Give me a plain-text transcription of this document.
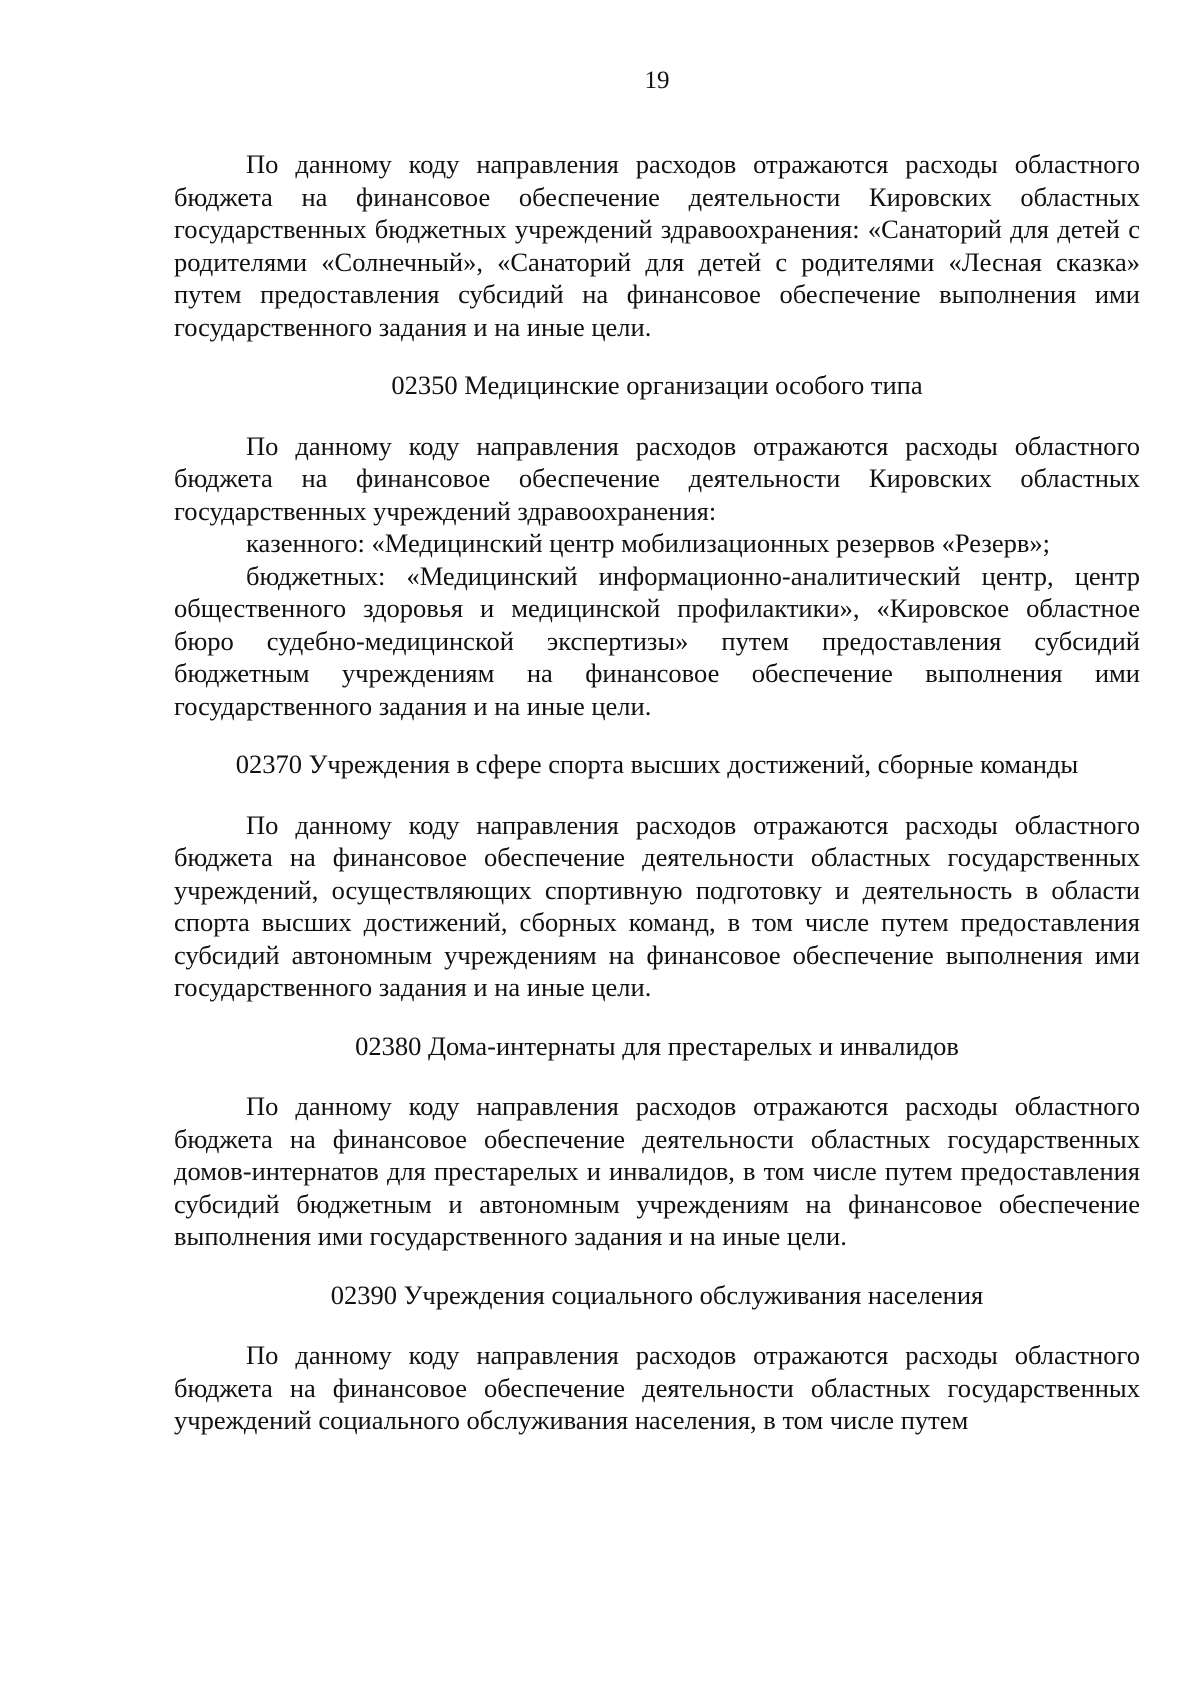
19

По данному коду направления расходов отражаются расходы областного бюджета на финансовое обеспечение деятельности Кировских областных государственных бюджетных учреждений здравоохранения: «Санаторий для детей с родителями «Солнечный», «Санаторий для детей с родителями «Лесная сказка» путем предоставления субсидий на финансовое обеспечение выполнения ими государственного задания и на иные цели.

02350 Медицинские организации особого типа

По данному коду направления расходов отражаются расходы областного бюджета на финансовое обеспечение деятельности Кировских областных государственных учреждений здравоохранения:

казенного: «Медицинский центр мобилизационных резервов «Резерв»;

бюджетных: «Медицинский информационно-аналитический центр, центр общественного здоровья и медицинской профилактики», «Кировское областное бюро судебно-медицинской экспертизы» путем предоставления субсидий бюджетным учреждениям на финансовое обеспечение выполнения ими государственного задания и на иные цели.

02370 Учреждения в сфере спорта высших достижений, сборные команды

По данному коду направления расходов отражаются расходы областного бюджета на финансовое обеспечение деятельности областных государственных учреждений, осуществляющих спортивную подготовку и деятельность в области спорта высших достижений, сборных команд, в том числе путем предоставления субсидий автономным учреждениям на финансовое обеспечение выполнения ими государственного задания и на иные цели.

02380 Дома-интернаты для престарелых и инвалидов

По данному коду направления расходов отражаются расходы областного бюджета на финансовое обеспечение деятельности областных государственных домов-интернатов для престарелых и инвалидов, в том числе путем предоставления субсидий бюджетным и автономным учреждениям на финансовое обеспечение выполнения ими государственного задания и на иные цели.

02390 Учреждения социального обслуживания населения

По данному коду направления расходов отражаются расходы областного бюджета на финансовое обеспечение деятельности областных государственных учреждений социального обслуживания населения, в том числе путем
